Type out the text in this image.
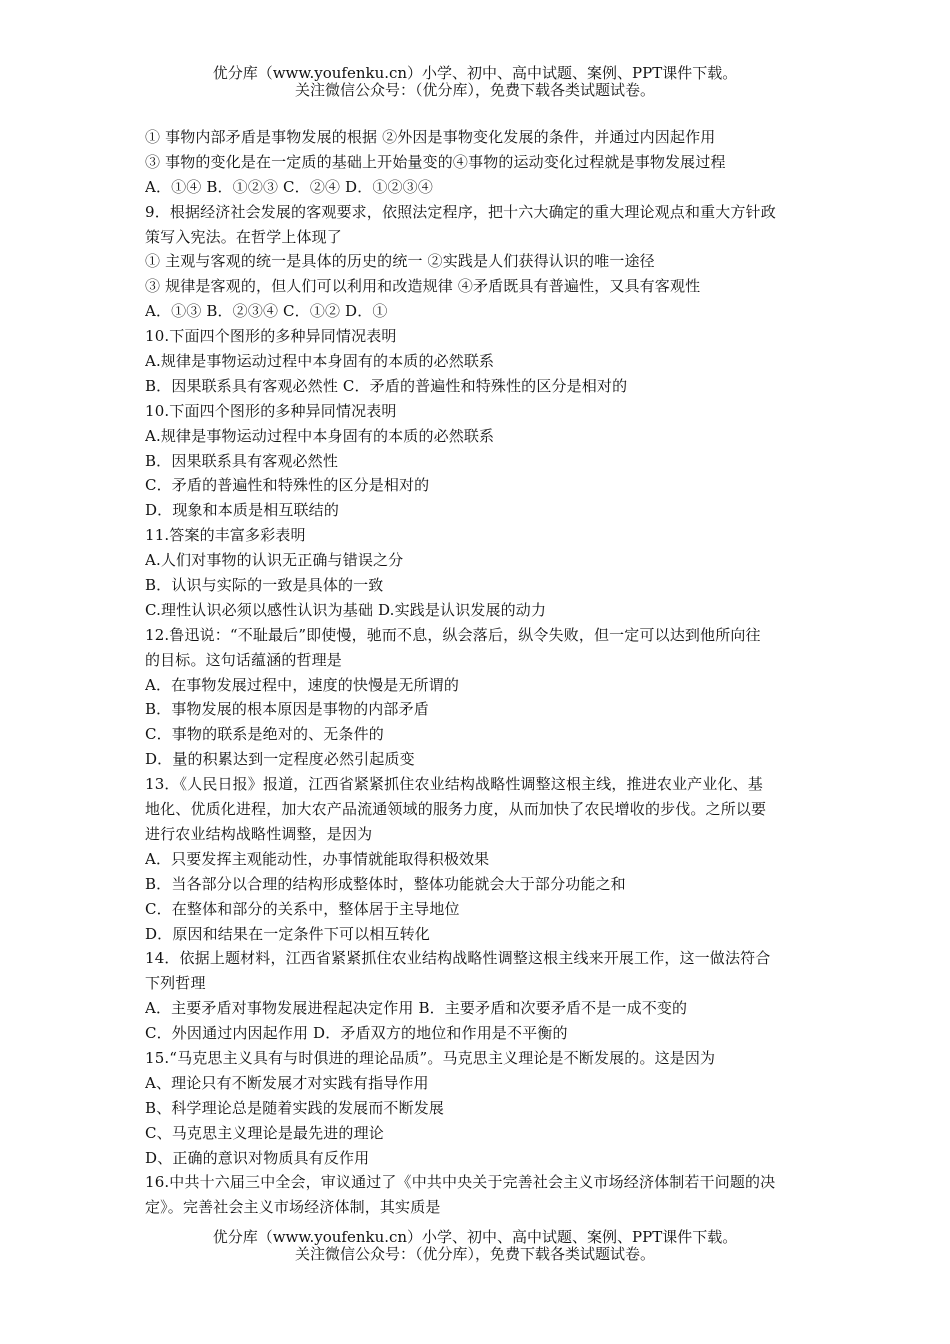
优分库（www.youfenku.cn）小学、初中、高中试题、案例、PPT课件下载。
关注微信公众号：（优分库），免费下载各类试题试卷。
① 事物内部矛盾是事物发展的根据 ②外因是事物变化发展的条件，并通过内因起作用
③ 事物的变化是在一定质的基础上开始量变的④事物的运动变化过程就是事物发展过程
A．①④ B．①②③ C．②④ D．①②③④
9．根据经济社会发展的客观要求，依照法定程序，把十六大确定的重大理论观点和重大方针政
策写入宪法。在哲学上体现了
① 主观与客观的统一是具体的历史的统一 ②实践是人们获得认识的唯一途径
③ 规律是客观的，但人们可以利用和改造规律 ④矛盾既具有普遍性，又具有客观性
A．①③ B．②③④ C．①② D．①
10.下面四个图形的多种异同情况表明
A.规律是事物运动过程中本身固有的本质的必然联系
B．因果联系具有客观必然性 C．矛盾的普遍性和特殊性的区分是相对的
10.下面四个图形的多种异同情况表明
A.规律是事物运动过程中本身固有的本质的必然联系
B．因果联系具有客观必然性
C．矛盾的普遍性和特殊性的区分是相对的
D．现象和本质是相互联结的
11.答案的丰富多彩表明
A.人们对事物的认识无正确与错误之分
B．认识与实际的一致是具体的一致
C.理性认识必须以感性认识为基础 D.实践是认识发展的动力
12.鲁迅说：“不耻最后”即使慢，驰而不息，纵会落后，纵令失败，但一定可以达到他所向往
的目标。这句话蕴涵的哲理是
A．在事物发展过程中，速度的快慢是无所谓的
B．事物发展的根本原因是事物的内部矛盾
C．事物的联系是绝对的、无条件的
D．量的积累达到一定程度必然引起质变
13．《人民日报》报道，江西省紧紧抓住农业结构战略性调整这根主线，推进农业产业化、基
地化、优质化进程，加大农产品流通领域的服务力度，从而加快了农民增收的步伐。之所以要
进行农业结构战略性调整，是因为
A．只要发挥主观能动性，办事情就能取得积极效果
B．当各部分以合理的结构形成整体时，整体功能就会大于部分功能之和
C．在整体和部分的关系中，整体居于主导地位
D．原因和结果在一定条件下可以相互转化
14．依据上题材料，江西省紧紧抓住农业结构战略性调整这根主线来开展工作，这一做法符合
下列哲理
A．主要矛盾对事物发展进程起决定作用 B．主要矛盾和次要矛盾不是一成不变的
C．外因通过内因起作用 D．矛盾双方的地位和作用是不平衡的
15.“马克思主义具有与时俱进的理论品质”。马克思主义理论是不断发展的。这是因为
A、理论只有不断发展才对实践有指导作用
B、科学理论总是随着实践的发展而不断发展
C、马克思主义理论是最先进的理论
D、正确的意识对物质具有反作用
16.中共十六届三中全会，审议通过了《中共中央关于完善社会主义市场经济体制若干问题的决
定》。完善社会主义市场经济体制，其实质是
优分库（www.youfenku.cn）小学、初中、高中试题、案例、PPT课件下载。
关注微信公众号：（优分库），免费下载各类试题试卷。
